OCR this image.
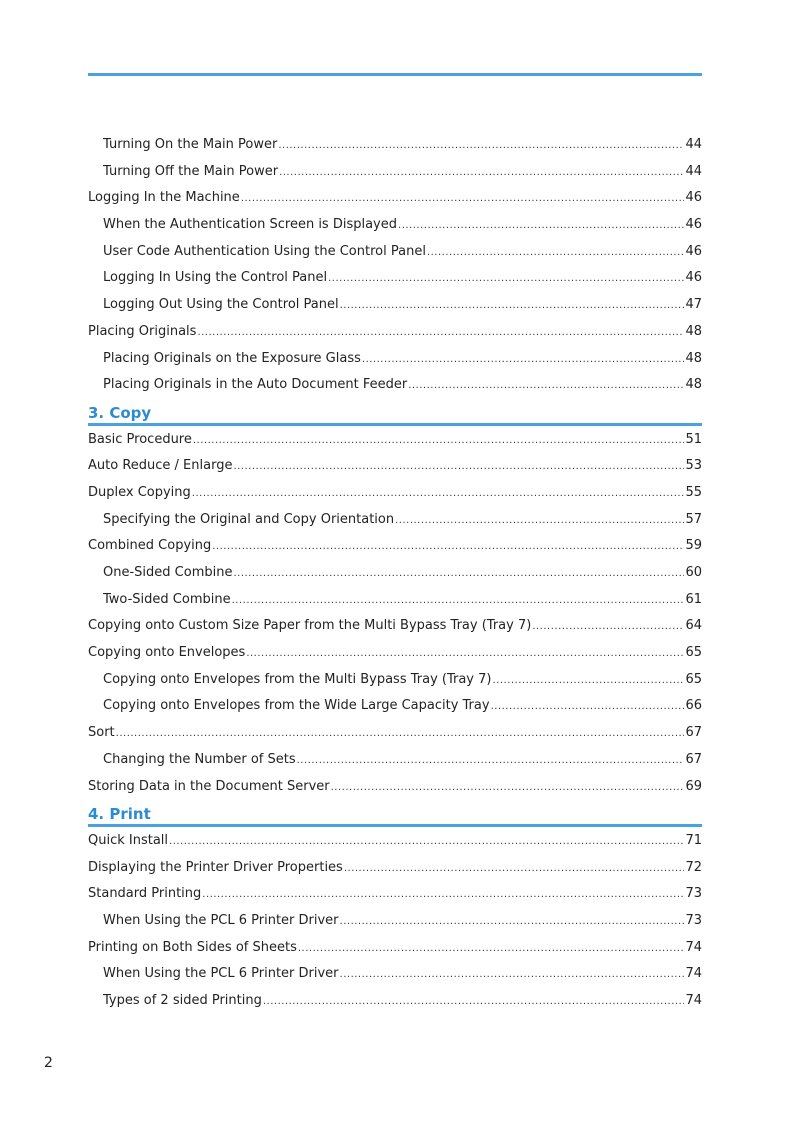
Turning On the Main Power .....	44
Turning Off the Main Power .....	44
Logging In the Machine .....	46
When the Authentication Screen is Displayed .....	46
User Code Authentication Using the Control Panel .....	46
Logging In Using the Control Panel .....	46
Logging Out Using the Control Panel .....	47
Placing Originals .....	48
Placing Originals on the Exposure Glass .....	48
Placing Originals in the Auto Document Feeder .....	48
3. Copy
Basic Procedure .....	51
Auto Reduce / Enlarge .....	53
Duplex Copying .....	55
Specifying the Original and Copy Orientation .....	57
Combined Copying .....	59
One-Sided Combine .....	60
Two-Sided Combine .....	61
Copying onto Custom Size Paper from the Multi Bypass Tray (Tray 7) .....	64
Copying onto Envelopes .....	65
Copying onto Envelopes from the Multi Bypass Tray (Tray 7) .....	65
Copying onto Envelopes from the Wide Large Capacity Tray .....	66
Sort .....	67
Changing the Number of Sets .....	67
Storing Data in the Document Server .....	69
4. Print
Quick Install .....	71
Displaying the Printer Driver Properties .....	72
Standard Printing .....	73
When Using the PCL 6 Printer Driver .....	73
Printing on Both Sides of Sheets .....	74
When Using the PCL 6 Printer Driver .....	74
Types of 2 sided Printing .....	74
2
